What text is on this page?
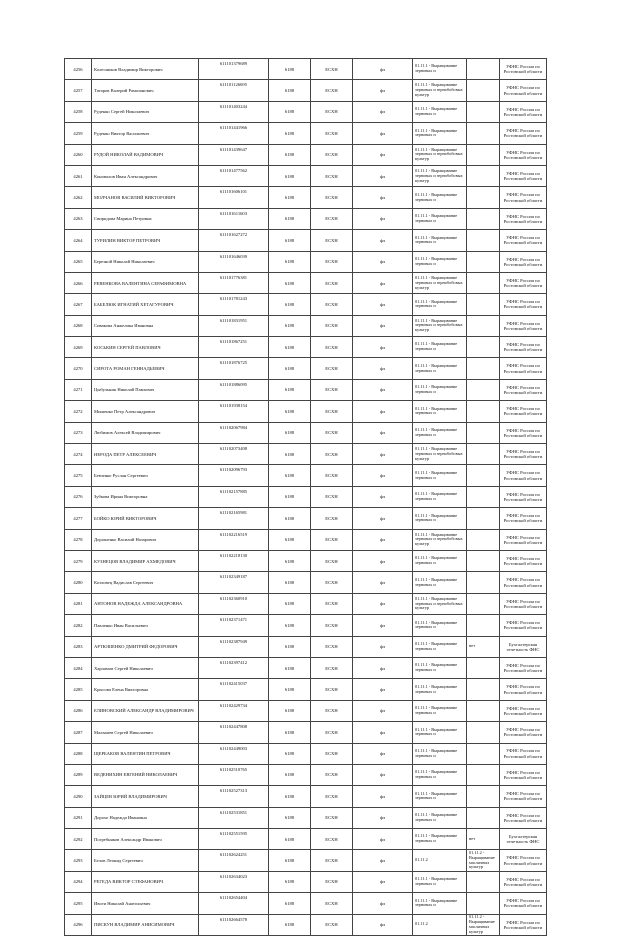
4256	Колесников Владимир Викторович	611101379689	6188	ЕСХН	фл	01.11.1 - Выращивание зерновых и		УФНС России по Ростовской области
4257	Татаров Валерий Рамазанович	611101126695	6188	ЕСХН	фл	01.11.1 - Выращивание зерновых и зернобобовых культур		УФНС России по Ростовской области
4258	Руденко Сергей Николаевич	611101403244	6188	ЕСХН	фл	01.11.1 - Выращивание зерновых и		УФНС России по Ростовской области
4259	Руденко Виктор Васильевич	611101441966	6188	ЕСХН	фл	01.11.1 - Выращивание зерновых и		УФНС России по Ростовской области
4260	РУДОЙ НИКОЛАЙ ВАДИМОВИЧ	611101439647	6188	ЕСХН	фл	01.11.1 - Выращивание зерновых и зернобобовых культур		УФНС России по Ростовской области
4261	Коновалов Иван Александрович	611101477562	6188	ЕСХН	фл	01.11.1 - Выращивание зерновых и зернобобовых культур		УФНС России по Ростовской области
4262	МОЛЧАНОВ ВАСИЛИЙ ВИКТОРОВИЧ	611101606101	6188	ЕСХН	фл	01.11.1 - Выращивание зерновых и		УФНС России по Ростовской области
4263	Свиридова Марина Петровна	611101611603	6188	ЕСХН	фл	01.11.1 - Выращивание зерновых и		УФНС России по Ростовской области
4264	ТУРИЛИН ВИКТОР ПЕТРОВИЧ	611101627272	6188	ЕСХН	фл	01.11.1 - Выращивание зерновых и		УФНС России по Ростовской области
4265	Березной Николай Николаевич	611101646039	6188	ЕСХН	фл	01.11.1 - Выращивание зерновых и		УФНС России по Ростовской области
4266	РЕВЕНКОВА ВАЛЕНТИНА СЕРАФИМОВНА	611101776381	6188	ЕСХН	фл	01.11.1 - Выращивание зерновых и зернобобовых культур		УФНС России по Ростовской области
4267	БАБЕЛЮК ИГНАТИЙ ХЕТАГУРОВИЧ	611101781243	6188	ЕСХН	фл	01.11.1 - Выращивание зерновых и		УФНС России по Ростовской области
4268	Сивакова Анжелика Ивановна	611101831951	6188	ЕСХН	фл	01.11.1 - Выращивание зерновых и зернобобовых культур		УФНС России по Ростовской области
4269	КОСЬКИН СЕРГЕЙ ПАВЛОВИЧ	611101867251	6188	ЕСХН	фл	01.11.1 - Выращивание зерновых и		УФНС России по Ростовской области
4270	СИРОТА РОМАН ГЕННАДЬЕВИЧ	611101876725	6188	ЕСХН	фл	01.11.1 - Выращивание зерновых и		УФНС России по Ростовской области
4271	Цыбульник Николай Павлович	611101886095	6188	ЕСХН	фл	01.11.1 - Выращивание зерновых и		УФНС России по Ростовской области
4272	Мишенко Петр Александрович	611101938154	6188	ЕСХН	фл	01.11.1 - Выращивание зерновых и		УФНС России по Ростовской области
4273	Любимов Алексей Владимирович	611102067984	6188	ЕСХН	фл	01.11.1 - Выращивание зерновых и		УФНС России по Ростовской области
4274	НЕРОДА ПЕТР АЛЕКСЕЕВИЧ	611102073408	6188	ЕСХН	фл	01.11.1 - Выращивание зерновых и зернобобовых культур		УФНС России по Ростовской области
4275	Бевзенко Руслан Сергеевич	611102096793	6188	ЕСХН	фл	01.11.1 - Выращивание зерновых и		УФНС России по Ростовской области
4276	Зубкова Ирина Викторовна	611102157885	6188	ЕСХН	фл	01.11.1 - Выращивание зерновых и		УФНС России по Ростовской области
4277	БОЙКО ЮРИЙ ВИКТОРОВИЧ	611102165981	6188	ЕСХН	фл	01.11.1 - Выращивание зерновых и		УФНС России по Ростовской области
4278	Дорошенко Василий Назарович	611102216519	6188	ЕСХН	фл	01.11.1 - Выращивание зерновых и зернобобовых культур		УФНС России по Ростовской области
4279	КУЗНЕЦОВ ВЛАДИМИР АХМЕДОВИЧ	611102218130	6188	ЕСХН	фл	01.11.1 - Выращивание зерновых и		УФНС России по Ростовской области
4280	Козловец Вадислав Сергеевич	611102349187	6188	ЕСХН	фл	01.11.1 - Выращивание зерновых и		УФНС России по Ростовской области
4281	АНТОНОВ НАДЕЖДА АЛЕКСАНДРОВНА	611102360910	6188	ЕСХН	фл	01.11.1 - Выращивание зерновых и зернобобовых культур		УФНС России по Ростовской области
4282	Павленко Иван Васильевич	611102371471	6188	ЕСХН	фл	01.11.1 - Выращивание зерновых и		УФНС России по Ростовской области
4283	АРТЮШЕНКО ДМИТРИЙ ФЕДОРОВИЧ	611102387949	6188	ЕСХН	фл	01.11.1 - Выращивание зерновых и	нет	Бухгалтерская отчетность ФНС
4284	Харламов Сергей Николаевич	611102397412	6188	ЕСХН	фл	01.11.1 - Выращивание зерновых и		УФНС России по Ростовской области
4285	Крысова Елена Викторовна	611102415037	6188	ЕСХН	фл	01.11.1 - Выращивание зерновых и		УФНС России по Ростовской области
4286	ЕЛИНОВСКИЙ АЛЕКСАНДР ВЛАДИМИРОВИЧ	611102429734	6188	ЕСХН	фл	01.11.1 - Выращивание зерновых и		УФНС России по Ростовской области
4287	Малышев Сергей Николаевич	611102447808	6188	ЕСХН	фл	01.11.1 - Выращивание зерновых и		УФНС России по Ростовской области
4288	ЩЕРБАКОВ ВАЛЕНТИН ПЕТРОВИЧ	611102449003	6188	ЕСХН	фл	01.11.1 - Выращивание зерновых и		УФНС России по Ростовской области
4289	ВЕДЕНИХИН ЕВГЕНИЙ НИКОЛАЕВИЧ	611102510765	6188	ЕСХН	фл	01.11.1 - Выращивание зерновых и		УФНС России по Ростовской области
4290	ЗАЙЦЕВ ЮРИЙ ВЛАДИМИРОВИЧ	611102527313	6188	ЕСХН	фл	01.11.1 - Выращивание зерновых и		УФНС России по Ростовской области
4291	Дорохо Надежда Ивановна	611102531851	6188	ЕСХН	фл	01.11.1 - Выращивание зерновых и		УФНС России по Ростовской области
4292	Погребняков Александр Иванович	611102551595	6188	ЕСХН	фл	01.11.1 - Выращивание зерновых и	нет	Бухгалтерская отчетность ФНС
4293	Белов Леонид Сергеевич	611102624251	6188	ЕСХН	фл	01.11.2	01.11.2 - Выращивание масличных культур	УФНС России по Ростовской области
4294	РЕГЕДА ВИКТОР СТЕФАНОВИЧ	611102634023	6188	ЕСХН	фл	01.11.1 - Выращивание зерновых и		УФНС России по Ростовской области
4295	Ивсеи Николай Анатольевич	611102654404	6188	ЕСХН	фл	01.11.1 - Выращивание зерновых и		УФНС России по Ростовской области
4296	ПИСКУН ВЛАДИМИР АНИСИМОВИЧ	611102664578	6188	ЕСХН	фл	01.11.2	01.11.2 - Выращивание масличных культур	УФНС России по Ростовской области
